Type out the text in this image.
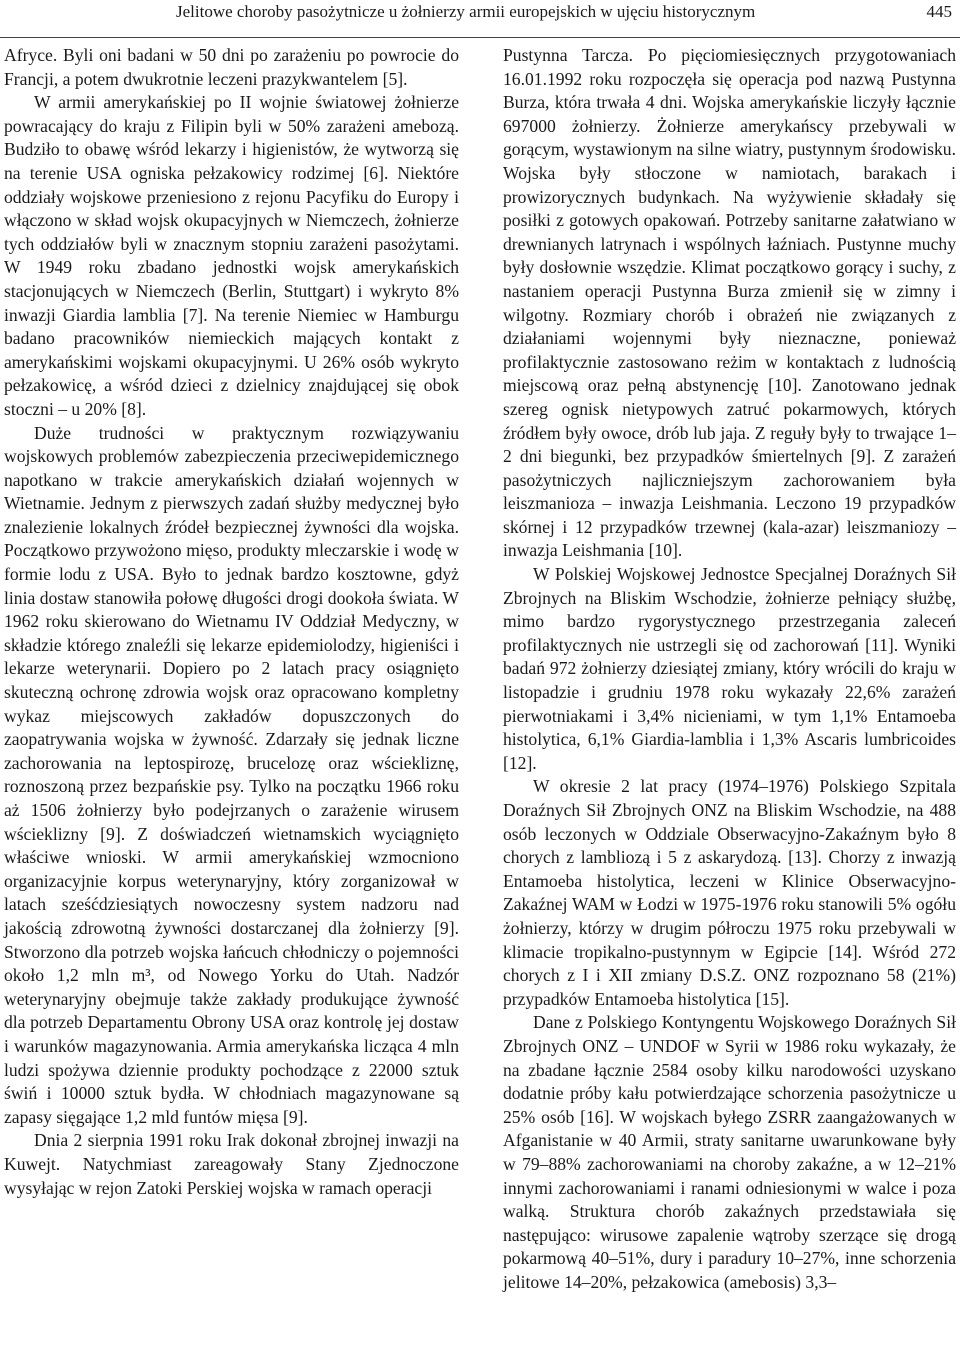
Jelitowe choroby pasożytnicze u żołnierzy armii europejskich w ujęciu historycznym	445

Afryce. Byli oni badani w 50 dni po zarażeniu po powrocie do Francji, a potem dwukrotnie leczeni prazykwantelem [5].

W armii amerykańskiej po II wojnie światowej żołnierze powracający do kraju z Filipin byli w 50% zarażeni amebozą. Budziło to obawę wśród lekarzy i higienistów, że wytworzą się na terenie USA ogniska pełzakowicy rodzimej [6]. Niektóre oddziały wojskowe przeniesiono z rejonu Pacyfiku do Europy i włączono w skład wojsk okupacyjnych w Niemczech, żołnierze tych oddziałów byli w znacznym stopniu zarażeni pasożytami. W 1949 roku zbadano jednostki wojsk amerykańskich stacjonujących w Niemczech (Berlin, Stuttgart) i wykryto 8% inwazji Giardia lamblia [7]. Na terenie Niemiec w Hamburgu badano pracowników niemieckich mających kontakt z amerykańskimi wojskami okupacyjnymi. U 26% osób wykryto pełzakowicę, a wśród dzieci z dzielnicy znajdującej się obok stoczni – u 20% [8].

Duże trudności w praktycznym rozwiązywaniu wojskowych problemów zabezpieczenia przeciwepidemicznego napotkano w trakcie amerykańskich działań wojennych w Wietnamie. Jednym z pierwszych zadań służby medycznej było znalezienie lokalnych źródeł bezpiecznej żywności dla wojska. Początkowo przywożono mięso, produkty mleczarskie i wodę w formie lodu z USA. Było to jednak bardzo kosztowne, gdyż linia dostaw stanowiła połowę długości drogi dookoła świata. W 1962 roku skierowano do Wietnamu IV Oddział Medyczny, w składzie którego znaleźli się lekarze epidemiolodzy, higieniści i lekarze weterynarii. Dopiero po 2 latach pracy osiągnięto skuteczną ochronę zdrowia wojsk oraz opracowano kompletny wykaz miejscowych zakładów dopuszczonych do zaopatrywania wojska w żywność. Zdarzały się jednak liczne zachorowania na leptospirozę, brucelozę oraz wściekliznę, roznoszoną przez bezpańskie psy. Tylko na początku 1966 roku aż 1506 żołnierzy było podejrzanych o zarażenie wirusem wścieklizny [9]. Z doświadczeń wietnamskich wyciągnięto właściwe wnioski. W armii amerykańskiej wzmocniono organizacyjnie korpus weterynaryjny, który zorganizował w latach sześćdziesiątych nowoczesny system nadzoru nad jakością zdrowotną żywności dostarczanej dla żołnierzy [9]. Stworzono dla potrzeb wojska łańcuch chłodniczy o pojemności około 1,2 mln m³, od Nowego Yorku do Utah. Nadzór weterynaryjny obejmuje także zakłady produkujące żywność dla potrzeb Departamentu Obrony USA oraz kontrolę jej dostaw i warunków magazynowania. Armia amerykańska licząca 4 mln ludzi spożywa dziennie produkty pochodzące z 22000 sztuk świń i 10000 sztuk bydła. W chłodniach magazynowane są zapasy sięgające 1,2 mld funtów mięsa [9].

Dnia 2 sierpnia 1991 roku Irak dokonał zbrojnej inwazji na Kuwejt. Natychmiast zareagowały Stany Zjednoczone wysyłając w rejon Zatoki Perskiej wojska w ramach operacji

Pustynna Tarcza. Po pięciomiesięcznych przygotowaniach 16.01.1992 roku rozpoczęła się operacja pod nazwą Pustynna Burza, która trwała 4 dni. Wojska amerykańskie liczyły łącznie 697000 żołnierzy. Żołnierze amerykańscy przebywali w gorącym, wystawionym na silne wiatry, pustynnym środowisku. Wojska były stłoczone w namiotach, barakach i prowizorycznych budynkach. Na wyżywienie składały się posiłki z gotowych opakowań. Potrzeby sanitarne załatwiano w drewnianych latrynach i wspólnych łaźniach. Pustynne muchy były dosłownie wszędzie. Klimat początkowo gorący i suchy, z nastaniem operacji Pustynna Burza zmienił się w zimny i wilgotny. Rozmiary chorób i obrażeń nie związanych z działaniami wojennymi były nieznaczne, ponieważ profilaktycznie zastosowano reżim w kontaktach z ludnością miejscową oraz pełną abstynencję [10]. Zanotowano jednak szereg ognisk nietypowych zatruć pokarmowych, których źródłem były owoce, drób lub jaja. Z reguły były to trwające 1–2 dni biegunki, bez przypadków śmiertelnych [9]. Z zarażeń pasożytniczych najliczniejszym zachorowaniem była leiszmanioza – inwazja Leishmania. Leczono 19 przypadków skórnej i 12 przypadków trzewnej (kala-azar) leiszmaniozy – inwazja Leishmania [10].

W Polskiej Wojskowej Jednostce Specjalnej Doraźnych Sił Zbrojnych na Bliskim Wschodzie, żołnierze pełniący służbę, mimo bardzo rygorystycznego przestrzegania zaleceń profilaktycznych nie ustrzegli się od zachorowań [11]. Wyniki badań 972 żołnierzy dziesiątej zmiany, który wrócili do kraju w listopadzie i grudniu 1978 roku wykazały 22,6% zarażeń pierwotniakami i 3,4% nicieniami, w tym 1,1% Entamoeba histolytica, 6,1% Giardia-lamblia i 1,3% Ascaris lumbricoides [12].

W okresie 2 lat pracy (1974–1976) Polskiego Szpitala Doraźnych Sił Zbrojnych ONZ na Bliskim Wschodzie, na 488 osób leczonych w Oddziale Obserwacyjno-Zakaźnym było 8 chorych z lambliozą i 5 z askarydozą. [13]. Chorzy z inwazją Entamoeba histolytica, leczeni w Klinice Obserwacyjno-Zakaźnej WAM w Łodzi w 1975-1976 roku stanowili 5% ogółu żołnierzy, którzy w drugim półroczu 1975 roku przebywali w klimacie tropikalno-pustynnym w Egipcie [14]. Wśród 272 chorych z I i XII zmiany D.S.Z. ONZ rozpoznano 58 (21%) przypadków Entamoeba histolytica [15].

Dane z Polskiego Kontyngentu Wojskowego Doraźnych Sił Zbrojnych ONZ – UNDOF w Syrii w 1986 roku wykazały, że na zbadane łącznie 2584 osoby kilku narodowości uzyskano dodatnie próby kału potwierdzające schorzenia pasożytnicze u 25% osób [16]. W wojskach byłego ZSRR zaangażowanych w Afganistanie w 40 Armii, straty sanitarne uwarunkowane były w 79–88% zachorowaniami na choroby zakaźne, a w 12–21% innymi zachorowaniami i ranami odniesionymi w walce i poza walką. Struktura chorób zakaźnych przedstawiała się następująco: wirusowe zapalenie wątroby szerzące się drogą pokarmową 40–51%, dury i paradury 10–27%, inne schorzenia jelitowe 14–20%, pełzakowica (amebosis) 3,3–
